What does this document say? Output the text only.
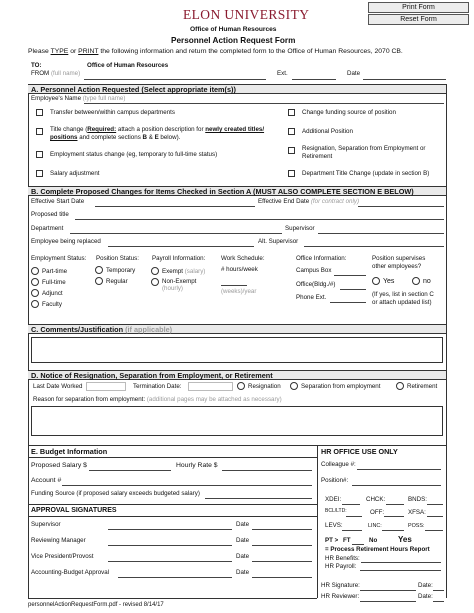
Print Form
Reset Form
ELON UNIVERSITY
Office of Human Resources
Personnel Action Request Form
Please TYPE or PRINT the following information and return the completed form to the Office of Human Resources, 2070 CB.
TO:	Office of Human Resources
FROM (full name)	Ext.	Date
A. Personnel Action Requested (Select appropriate item(s))
Employee's Name (type full name)
Transfer between/within campus departments
Title change (Required: attach a position description for newly created titles/
positions and complete sections B & E below).
Employment status change (eg, temporary to full-time status)
Salary adjustment
Change funding source of position
Additional Position
Resignation, Separation from Employment or
Retirement
Department Title Change (update in section B)
B. Complete Proposed Changes for Items Checked in Section A (MUST ALSO COMPLETE SECTION E BELOW)
Effective Start Date	Effective End Date (for contract only)
Proposed title
Department	Supervisor
Employee being replaced	Alt. Supervisor
Employment Status:
Part-time
Full-time
Adjunct
Faculty
Position Status:
Temporary
Regular
Payroll Information:
Exempt (salary)
Non-Exempt
(hourly)
Work Schedule:
# hours/week
(weeks)/year
Office Information:
Campus Box
Office(Bldg./#)
Phone Ext.
Position supervises
other employees?
Yes	no
(If yes, list in section C
or attach updated list)
C. Comments/Justification (if applicable)
D. Notice of Resignation, Separation from Employment, or Retirement
Last Date Worked	Termination Date:	Resignation	Separation from employment	Retirement
Reason for separation from employment: (additional pages may be attached as necessary)
E. Budget Information
Proposed Salary $	Hourly Rate $
Account #
Funding Source (if proposed salary exceeds budgeted salary)
APPROVAL SIGNATURES
Supervisor	Date
Reviewing Manager	Date
Vice President/Provost	Date
Accounting-Budget Approval	Date
HR OFFICE USE ONLY
Colleague #:
Position#:
XDEI:	CHCK:	BNDS:
BCL/LTD:	OFF:	XFSA:
LEVS:	LINC:	POSS:
PT > FT	No	Yes
= Process Retirement Hours Report
HR Benefits:
HR Payroll:
HR Signature:	Date:
HR Reviewer:	Date:
personnelActionRequestForm.pdf - revised 8/14/17
